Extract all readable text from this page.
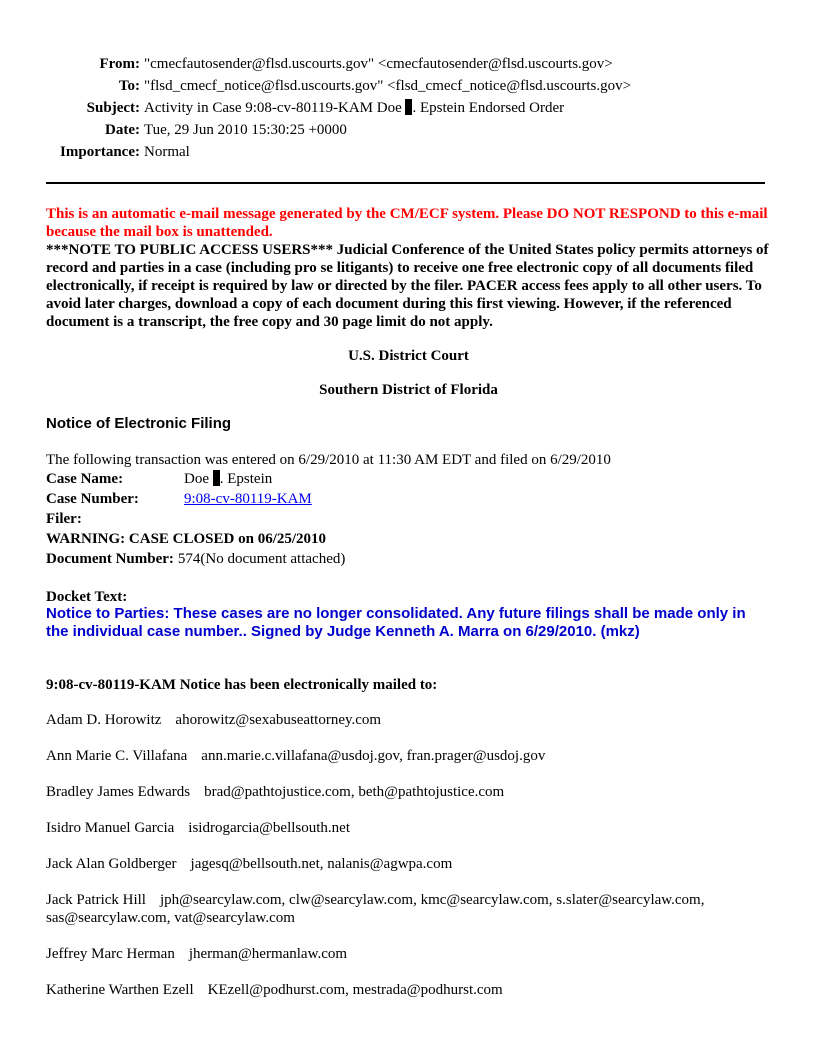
From: "cmecfautosender@flsd.uscourts.gov" <cmecfautosender@flsd.uscourts.gov>
To: "flsd_cmecf_notice@flsd.uscourts.gov" <flsd_cmecf_notice@flsd.uscourts.gov>
Subject: Activity in Case 9:08-cv-80119-KAM Doe . Epstein Endorsed Order
Date: Tue, 29 Jun 2010 15:30:25 +0000
Importance: Normal
This is an automatic e-mail message generated by the CM/ECF system. Please DO NOT RESPOND to this e-mail because the mail box is unattended.
***NOTE TO PUBLIC ACCESS USERS*** Judicial Conference of the United States policy permits attorneys of record and parties in a case (including pro se litigants) to receive one free electronic copy of all documents filed electronically, if receipt is required by law or directed by the filer. PACER access fees apply to all other users. To avoid later charges, download a copy of each document during this first viewing. However, if the referenced document is a transcript, the free copy and 30 page limit do not apply.
U.S. District Court
Southern District of Florida
Notice of Electronic Filing
The following transaction was entered on 6/29/2010 at 11:30 AM EDT and filed on 6/29/2010
Case Name:	Doe . Epstein
Case Number:	9:08-cv-80119-KAM
Filer:
WARNING: CASE CLOSED on 06/25/2010
Document Number: 574(No document attached)
Docket Text:
Notice to Parties: These cases are no longer consolidated. Any future filings shall be made only in the individual case number.. Signed by Judge Kenneth A. Marra on 6/29/2010. (mkz)
9:08-cv-80119-KAM Notice has been electronically mailed to:
Adam D. Horowitz ahorowitz@sexabuseattorney.com
Ann Marie C. Villafana ann.marie.c.villafana@usdoj.gov, fran.prager@usdoj.gov
Bradley James Edwards brad@pathtojustice.com, beth@pathtojustice.com
Isidro Manuel Garcia isidrogarcia@bellsouth.net
Jack Alan Goldberger jagesq@bellsouth.net, nalanis@agwpa.com
Jack Patrick Hill jph@searcylaw.com, clw@searcylaw.com, kmc@searcylaw.com, s.slater@searcylaw.com, sas@searcylaw.com, vat@searcylaw.com
Jeffrey Marc Herman jherman@hermanlaw.com
Katherine Warthen Ezell KEzell@podhurst.com, mestrada@podhurst.com
